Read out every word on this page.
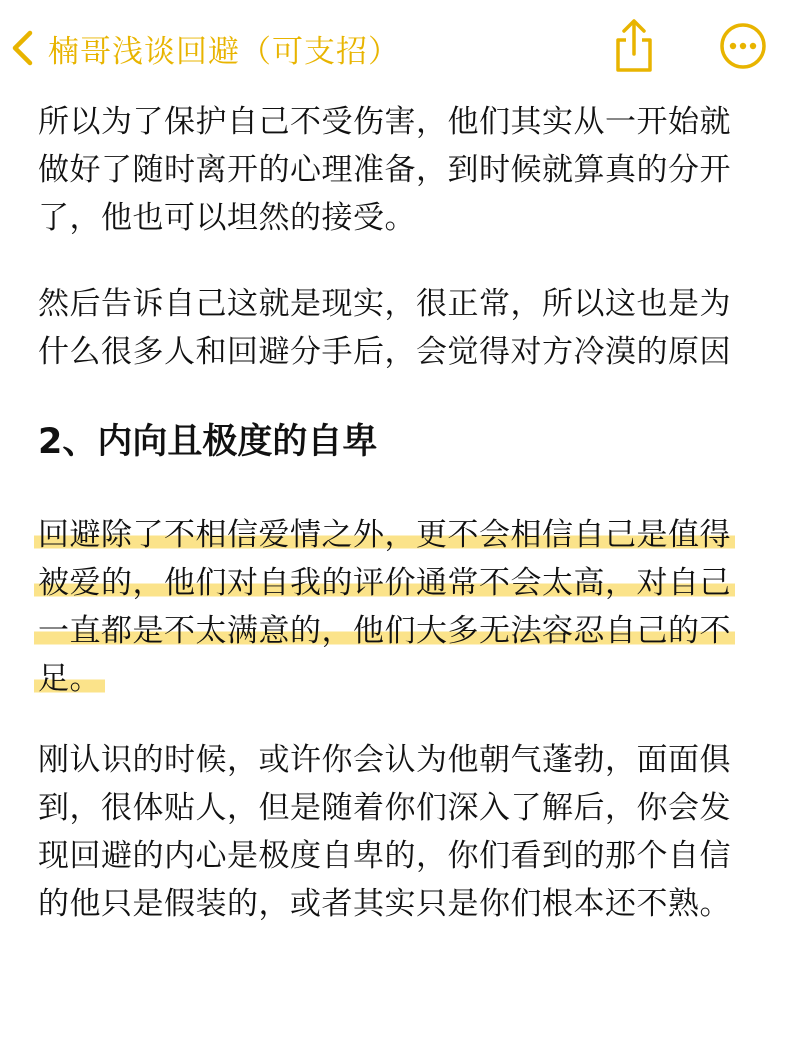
楠哥浅谈回避（可支招）

所以为了保护自己不受伤害，他们其实从一开始就
做好了随时离开的心理准备，到时候就算真的分开
了，他也可以坦然的接受。

然后告诉自己这就是现实，很正常，所以这也是为
什么很多人和回避分手后，会觉得对方冷漠的原因

2、内向且极度的自卑

回避除了不相信爱情之外，更不会相信自己是值得
被爱的，他们对自我的评价通常不会太高，对自己
一直都是不太满意的，他们大多无法容忍自己的不
足。

刚认识的时候，或许你会认为他朝气蓬勃，面面俱
到，很体贴人，但是随着你们深入了解后，你会发
现回避的内心是极度自卑的，你们看到的那个自信
的他只是假装的，或者其实只是你们根本还不熟。
